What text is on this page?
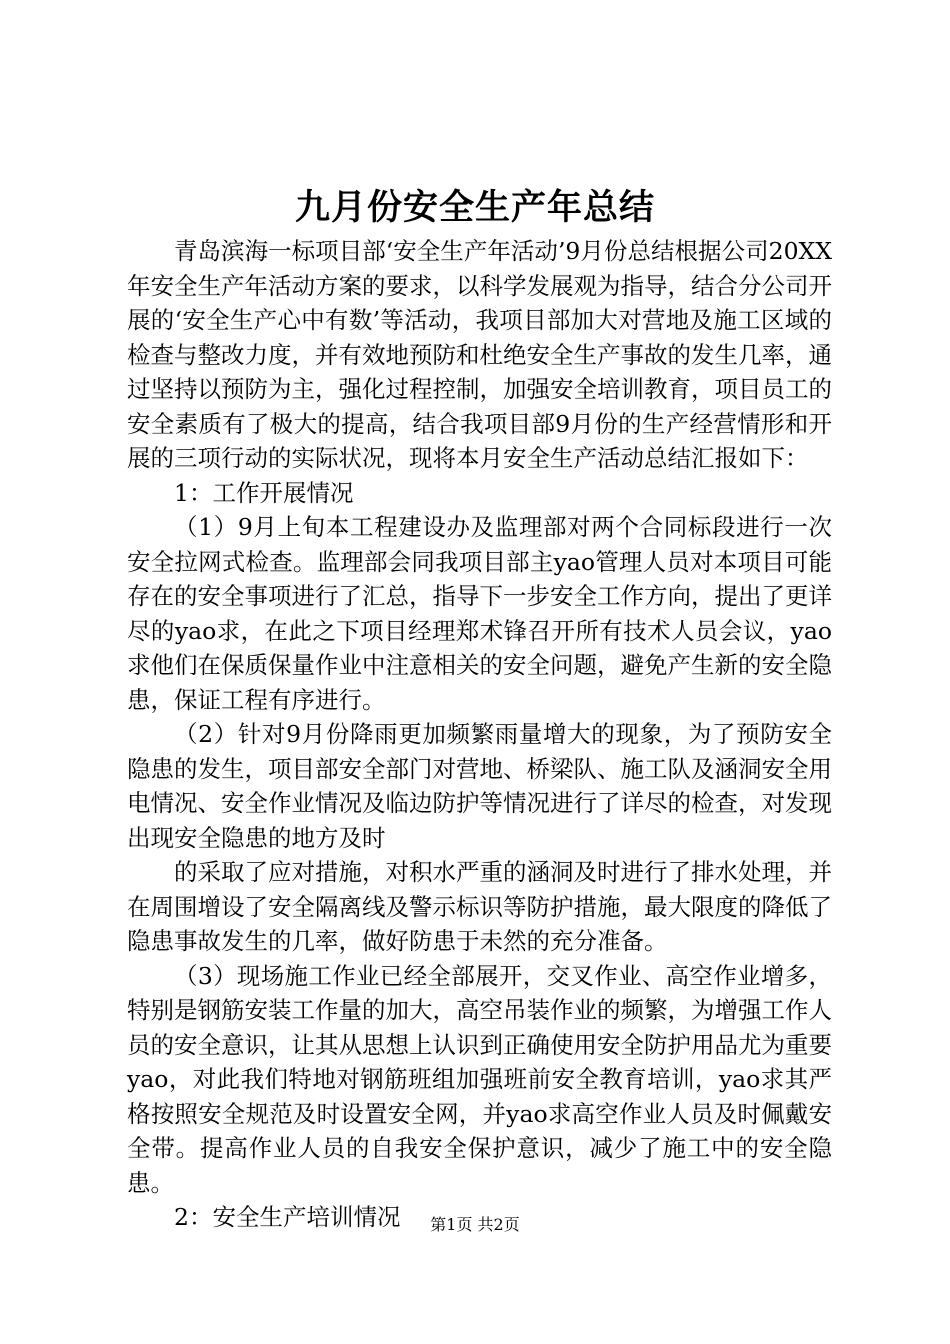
九月份安全生产年总结

青岛滨海一标项目部‘安全生产年活动’9月份总结根据公司20XX年安全生产年活动方案的要求，以科学发展观为指导，结合分公司开展的‘安全生产心中有数’等活动，我项目部加大对营地及施工区域的检查与整改力度，并有效地预防和杜绝安全生产事故的发生几率，通过坚持以预防为主，强化过程控制，加强安全培训教育，项目员工的安全素质有了极大的提高，结合我项目部9月份的生产经营情形和开展的三项行动的实际状况，现将本月安全生产活动总结汇报如下：

1：工作开展情况

（1）9月上旬本工程建设办及监理部对两个合同标段进行一次安全拉网式检查。监理部会同我项目部主yao管理人员对本项目可能存在的安全事项进行了汇总，指导下一步安全工作方向，提出了更详尽的yao求，在此之下项目经理郑术锋召开所有技术人员会议，yao求他们在保质保量作业中注意相关的安全问题，避免产生新的安全隐患，保证工程有序进行。

（2）针对9月份降雨更加频繁雨量增大的现象，为了预防安全隐患的发生，项目部安全部门对营地、桥梁队、施工队及涵洞安全用电情况、安全作业情况及临边防护等情况进行了详尽的检查，对发现出现安全隐患的地方及时

的采取了应对措施，对积水严重的涵洞及时进行了排水处理，并在周围增设了安全隔离线及警示标识等防护措施，最大限度的降低了隐患事故发生的几率，做好防患于未然的充分准备。

（3）现场施工作业已经全部展开，交叉作业、高空作业增多，特别是钢筋安装工作量的加大，高空吊装作业的频繁，为增强工作人员的安全意识，让其从思想上认识到正确使用安全防护用品尤为重要yao，对此我们特地对钢筋班组加强班前安全教育培训，yao求其严格按照安全规范及时设置安全网，并yao求高空作业人员及时佩戴安全带。提高作业人员的自我安全保护意识，减少了施工中的安全隐患。

2：安全生产培训情况	第1页 共2页
